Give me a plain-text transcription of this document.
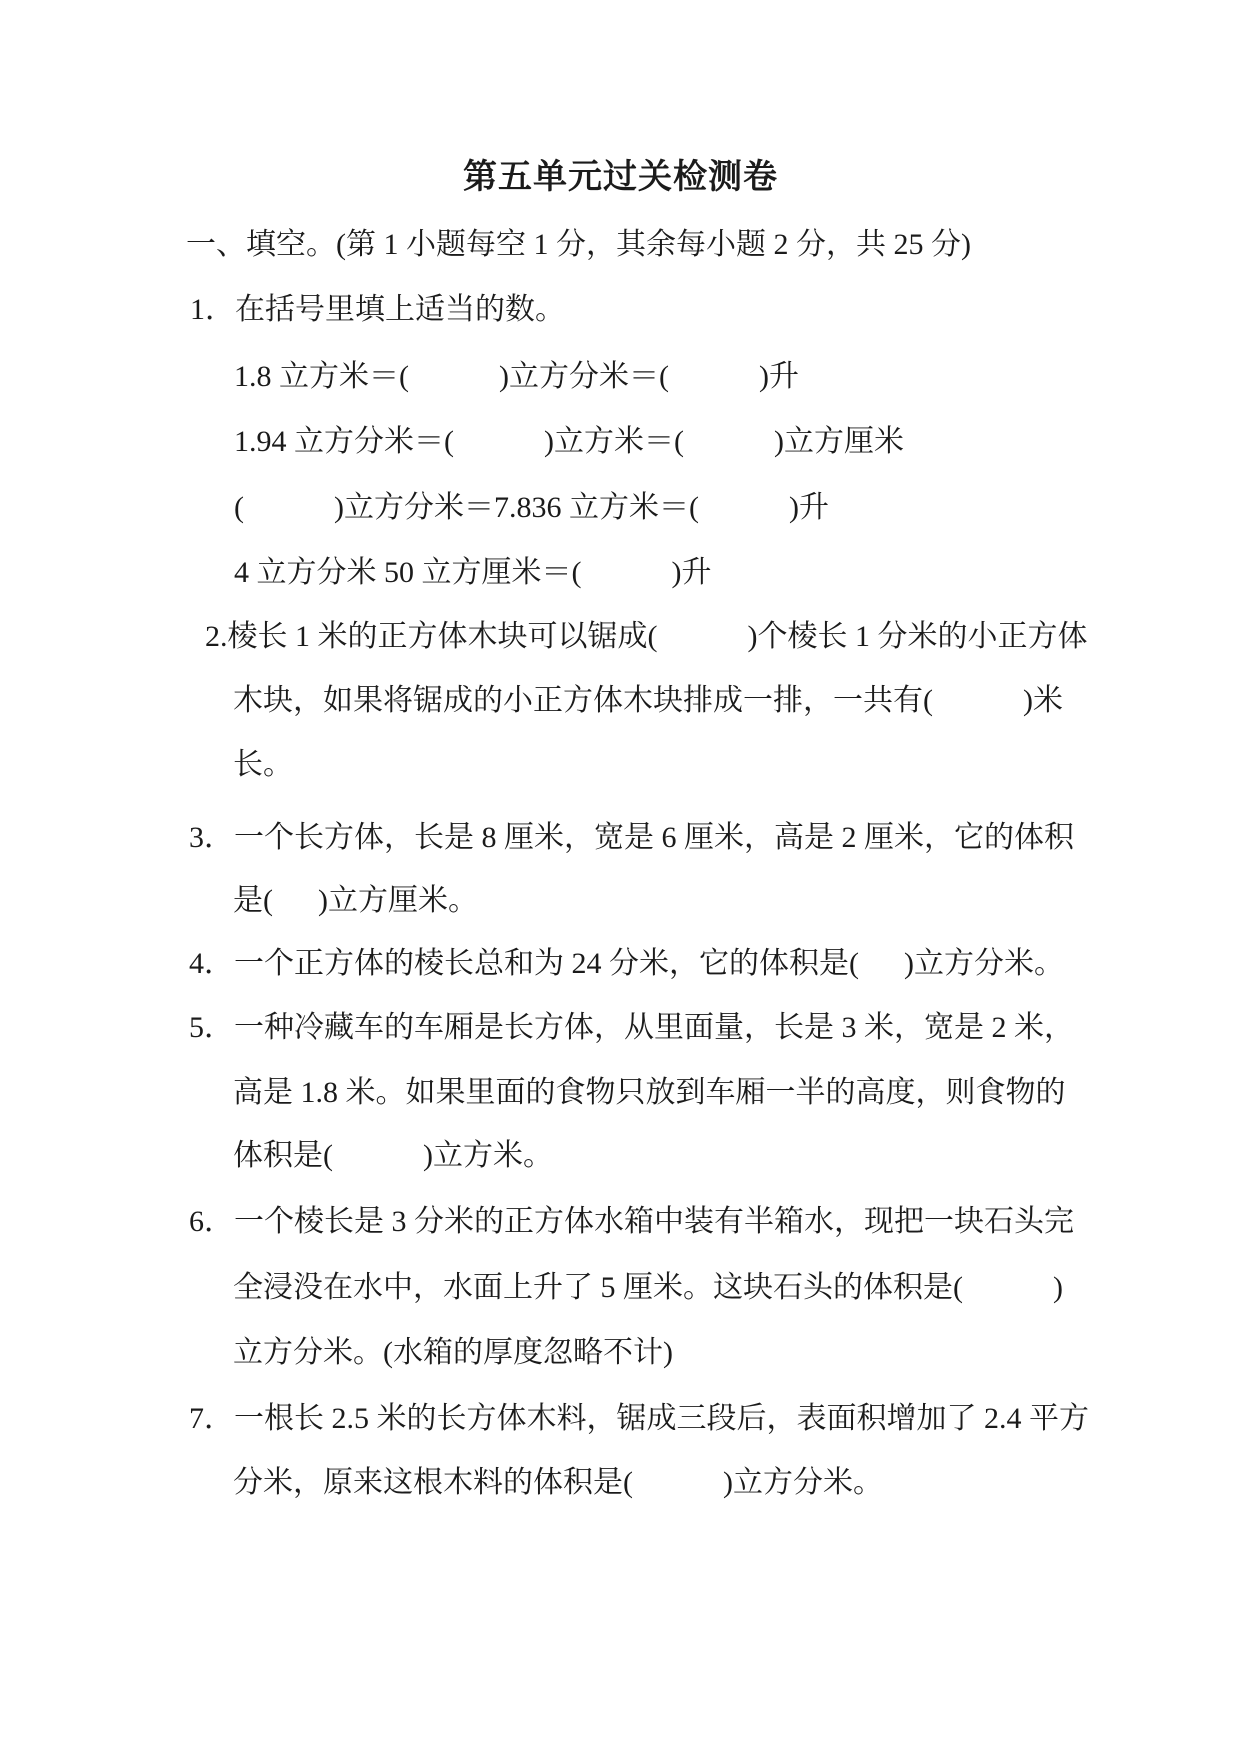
第五单元过关检测卷
一、填空。(第 1 小题每空 1 分，其余每小题 2 分，共 25 分)
1．在括号里填上适当的数。
1.8 立方米＝(            )立方分米＝(            )升
1.94 立方分米＝(            )立方米＝(            )立方厘米
(            )立方分米＝7.836 立方米＝(            )升
4 立方分米 50 立方厘米＝(            )升
2.棱长 1 米的正方体木块可以锯成(            )个棱长 1 分米的小正方体
木块，如果将锯成的小正方体木块排成一排，一共有(            )米
长。
3．一个长方体，长是 8 厘米，宽是 6 厘米，高是 2 厘米，它的体积
是(      )立方厘米。
4．一个正方体的棱长总和为 24 分米，它的体积是(      )立方分米。
5．一种冷藏车的车厢是长方体，从里面量，长是 3 米，宽是 2 米，
高是 1.8 米。如果里面的食物只放到车厢一半的高度，则食物的
体积是(            )立方米。
6．一个棱长是 3 分米的正方体水箱中装有半箱水，现把一块石头完
全浸没在水中，水面上升了 5 厘米。这块石头的体积是(            )
立方分米。(水箱的厚度忽略不计)
7．一根长 2.5 米的长方体木料，锯成三段后，表面积增加了 2.4 平方
分米，原来这根木料的体积是(            )立方分米。
